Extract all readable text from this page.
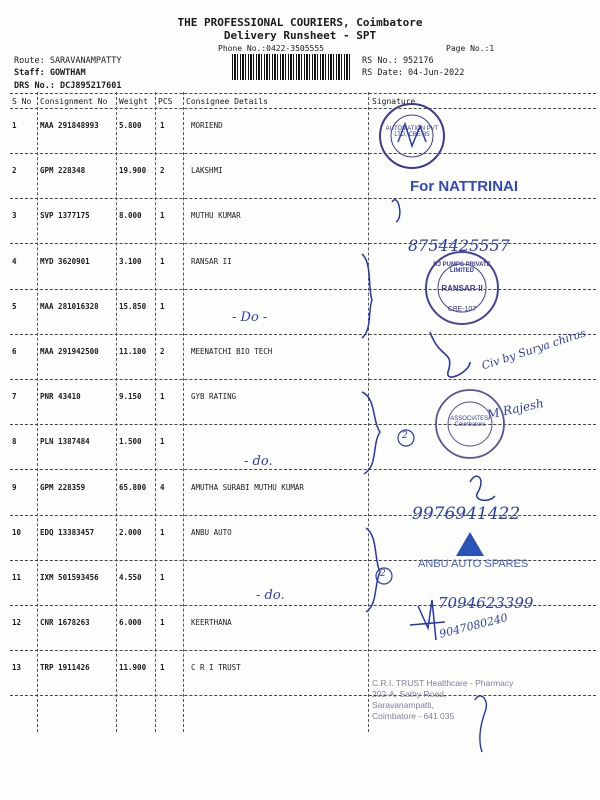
THE PROFESSIONAL COURIERS, Coimbatore
Delivery Runsheet - SPT
Phone No.:0422-3505555	Page No.:1
Route: SARAVANAMPATTY
Staff: GOWTHAM
DRS No.: DCJ895217601
RS No.: 952176
RS Date: 04-Jun-2022
S No Consignment No Weight PCS Consignee Details	Signature
1	MAA 291848993	5.800 1	MORIEND
2	GPM 228348	19.900 2	LAKSHMI
3	SVP 1377175	8.000 1	MUTHU KUMAR
4	MYD 3620901	3.100 1	RANSAR II
5	MAA 281016328	15.850 1
6	MAA 291942500	11.100 2	MEENATCHI BIO TECH
7	PNR 43410	9.150 1	GYB RATING
8	PLN 1387484	1.500 1
9	GPM 228359	65.800 4	AMUTHA SURABI MUTHU KUMAR
10	EDQ 13383457	2.000 1	ANBU AUTO
11	IXM 501593456	4.550 1
12	CNR 1678263	6.000 1	KEERTHANA
13	TRP 1911426	11.900 1	C R I TRUST
- Do -
- do.
- do.
For NATTRINAI
8754425557
9976941422
7094623399
9047080240
Civ by Surya chiras
M Rajesh
2
2
AUTOMATION PVT LTD, CBE-35
RJ PUMPS PRIVATE LIMITED
RANSAR-II
CBE-107
ASSOCIATES, Coimbatore
ANBU AUTO SPARES
C.R.I. TRUST Healthcare - Pharmacy
202-A, Sathy Road,
Saravanampatti,
Coimbatore - 641 035
